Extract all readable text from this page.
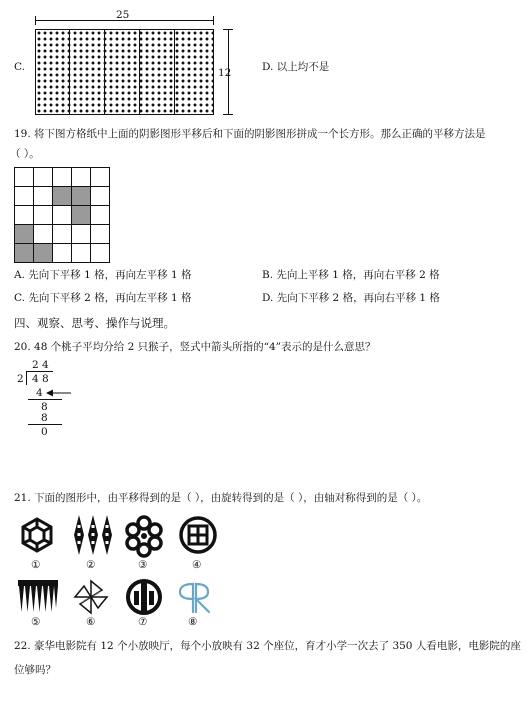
C.
25
12	D. 以上均不是
19. 将下图方格纸中上面的阴影图形平移后和下面的阴影图形拼成一个长方形。那么正确的平移方法是
（ ）。
A. 先向下平移 1 格，再向左平移 1 格	B. 先向上平移 1 格，再向右平移 2 格
C. 先向下平移 2 格，再向左平移 1 格	D. 先向下平移 2 格，再向右平移 1 格
四、观察、思考、操作与说理。
20. 48 个桃子平均分给 2 只猴子，竖式中箭头所指的“4”表示的是什么意思？
2 4
2 4 8
4
8
8
0
21. 下面的图形中，由平移得到的是（ ），由旋转得到的是（ ），由轴对称得到的是（ ）。
①	②	③	④
⑤	⑥	⑦	⑧
22. 豪华电影院有 12 个小放映厅，每个小放映有 32 个座位，育才小学一次去了 350 人看电影，电影院的座
位够吗？
